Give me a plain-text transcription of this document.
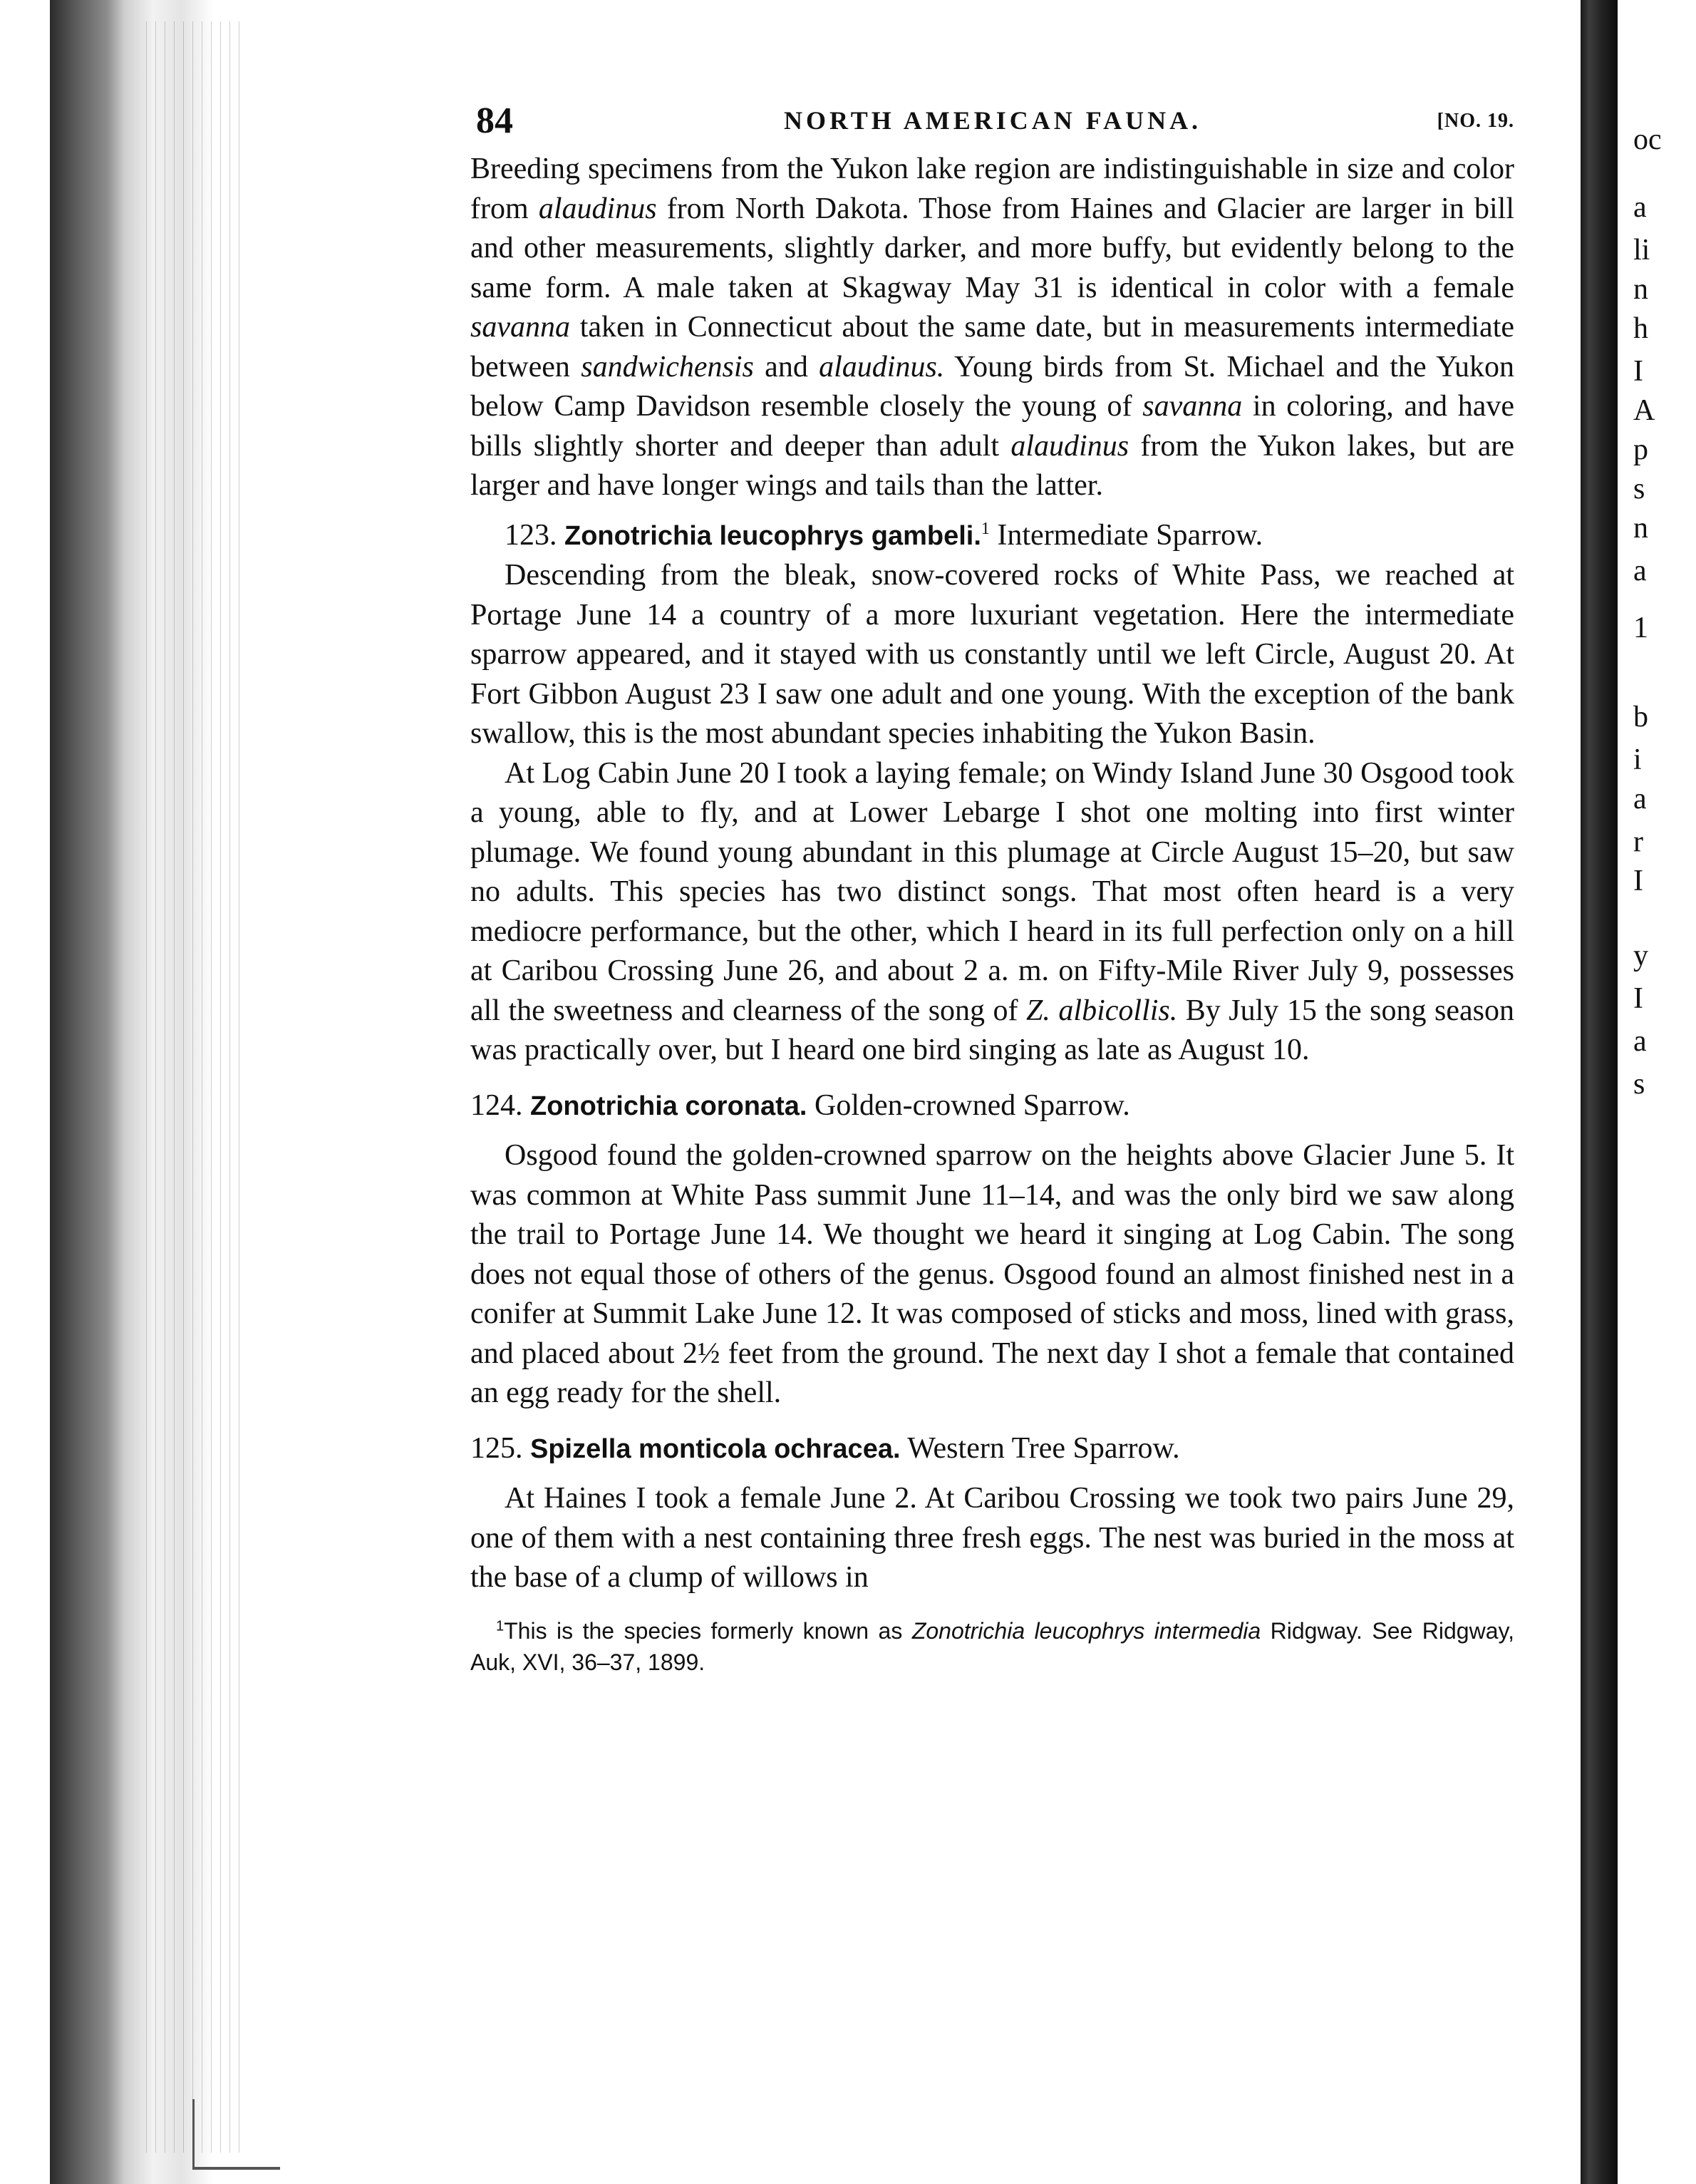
oc
a
li
n
h
I
A
p
s
n
a
1
b
i
a
r
I
y
I
a
s
84	NORTH AMERICAN FAUNA.	[NO. 19.

Breeding specimens from the Yukon lake region are indistinguishable in size and color from alaudinus from North Dakota. Those from Haines and Glacier are larger in bill and other measurements, slightly darker, and more buffy, but evidently belong to the same form. A male taken at Skagway May 31 is identical in color with a female savanna taken in Connecticut about the same date, but in measurements intermediate between sandwichensis and alaudinus. Young birds from St. Michael and the Yukon below Camp Davidson resemble closely the young of savanna in coloring, and have bills slightly shorter and deeper than adult alaudinus from the Yukon lakes, but are larger and have longer wings and tails than the latter.

123. Zonotrichia leucophrys gambeli.$^1$ Intermediate Sparrow.

Descending from the bleak, snow-covered rocks of White Pass, we reached at Portage June 14 a country of a more luxuriant vegetation. Here the intermediate sparrow appeared, and it stayed with us constantly until we left Circle, August 20. At Fort Gibbon August 23 I saw one adult and one young. With the exception of the bank swallow, this is the most abundant species inhabiting the Yukon Basin.

At Log Cabin June 20 I took a laying female; on Windy Island June 30 Osgood took a young, able to fly, and at Lower Lebarge I shot one molting into first winter plumage. We found young abundant in this plumage at Circle August 15–20, but saw no adults. This species has two distinct songs. That most often heard is a very mediocre performance, but the other, which I heard in its full perfection only on a hill at Caribou Crossing June 26, and about 2 a. m. on Fifty-Mile River July 9, possesses all the sweetness and clearness of the song of Z. albicollis. By July 15 the song season was practically over, but I heard one bird singing as late as August 10.

124. Zonotrichia coronata. Golden-crowned Sparrow.

Osgood found the golden-crowned sparrow on the heights above Glacier June 5. It was common at White Pass summit June 11–14, and was the only bird we saw along the trail to Portage June 14. We thought we heard it singing at Log Cabin. The song does not equal those of others of the genus. Osgood found an almost finished nest in a conifer at Summit Lake June 12. It was composed of sticks and moss, lined with grass, and placed about 2½ feet from the ground. The next day I shot a female that contained an egg ready for the shell.

125. Spizella monticola ochracea. Western Tree Sparrow.

At Haines I took a female June 2. At Caribou Crossing we took two pairs June 29, one of them with a nest containing three fresh eggs. The nest was buried in the moss at the base of a clump of willows in

$^1$This is the species formerly known as Zonotrichia leucophrys intermedia Ridgway. See Ridgway, Auk, XVI, 36–37, 1899.
